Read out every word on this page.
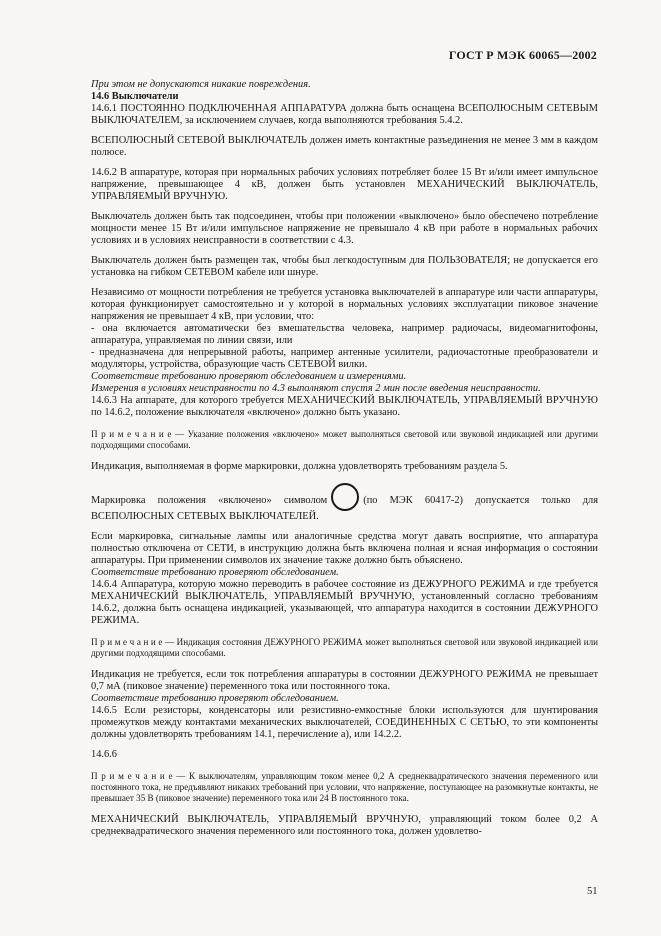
ГОСТ Р МЭК 60065—2002

При этом не допускаются никакие повреждения.

14.6 Выключатели

14.6.1 ПОСТОЯННО ПОДКЛЮЧЕННАЯ АППАРАТУРА должна быть оснащена ВСЕПОЛЮСНЫМ СЕТЕВЫМ ВЫКЛЮЧАТЕЛЕМ, за исключением случаев, когда выполняются требования 5.4.2.

ВСЕПОЛЮСНЫЙ СЕТЕВОЙ ВЫКЛЮЧАТЕЛЬ должен иметь контактные разъединения не менее 3 мм в каждом полюсе.

14.6.2 В аппаратуре, которая при нормальных рабочих условиях потребляет более 15 Вт и/или имеет импульсное напряжение, превышающее 4 кВ, должен быть установлен МЕХАНИЧЕСКИЙ ВЫКЛЮЧАТЕЛЬ, УПРАВЛЯЕМЫЙ ВРУЧНУЮ.

Выключатель должен быть так подсоединен, чтобы при положении «выключено» было обеспечено потребление мощности менее 15 Вт и/или импульсное напряжение не превышало 4 кВ при работе в нормальных рабочих условиях и в условиях неисправности в соответствии с 4.3.

Выключатель должен быть размещен так, чтобы был легкодоступным для ПОЛЬЗОВАТЕЛЯ; не допускается его установка на гибком СЕТЕВОМ кабеле или шнуре.

Независимо от мощности потребления не требуется установка выключателей в аппаратуре или части аппаратуры, которая функционирует самостоятельно и у которой в нормальных условиях эксплуатации пиковое значение напряжения не превышает 4 кВ, при условии, что:

- она включается автоматически без вмешательства человека, например радиочасы, видеомагнитофоны, аппаратура, управляемая по линии связи, или

- предназначена для непрерывной работы, например антенные усилители, радиочастотные преобразователи и модуляторы, устройства, образующие часть СЕТЕВОЙ вилки.

Соответствие требованию проверяют обследованием и измерениями.

Измерения в условиях неисправности по 4.3 выполняют спустя 2 мин после введения неисправности.

14.6.3 На аппарате, для которого требуется МЕХАНИЧЕСКИЙ ВЫКЛЮЧАТЕЛЬ, УПРАВЛЯЕМЫЙ ВРУЧНУЮ по 14.6.2, положение выключателя «включено» должно быть указано.

П р и м е ч а н и е — Указание положения «включено» может выполняться световой или звуковой индикацией или другими подходящими способами.

Индикация, выполняемая в форме маркировки, должна удовлетворять требованиям раздела 5.

Маркировка положения «включено» символом	(по МЭК 60417-2) допускается только для ВСЕПОЛЮСНЫХ СЕТЕВЫХ ВЫКЛЮЧАТЕЛЕЙ.

Если маркировка, сигнальные лампы или аналогичные средства могут давать восприятие, что аппаратура полностью отключена от СЕТИ, в инструкцию должна быть включена полная и ясная информация о состоянии аппаратуры. При применении символов их значение также должно быть объяснено.

Соответствие требованию проверяют обследованием.

14.6.4 Аппаратура, которую можно переводить в рабочее состояние из ДЕЖУРНОГО РЕЖИМА и где требуется МЕХАНИЧЕСКИЙ ВЫКЛЮЧАТЕЛЬ, УПРАВЛЯЕМЫЙ ВРУЧНУЮ, установленный согласно требованиям 14.6.2, должна быть оснащена индикацией, указывающей, что аппаратура находится в состоянии ДЕЖУРНОГО РЕЖИМА.

П р и м е ч а н и е — Индикация состояния ДЕЖУРНОГО РЕЖИМА может выполняться световой или звуковой индикацией или другими подходящими способами.

Индикация не требуется, если ток потребления аппаратуры в состоянии ДЕЖУРНОГО РЕЖИМА не превышает 0,7 мА (пиковое значение) переменного тока или постоянного тока.

Соответствие требованию проверяют обследованием.

14.6.5 Если резисторы, конденсаторы или резистивно-емкостные блоки используются для шунтирования промежутков между контактами механических выключателей, СОЕДИНЕННЫХ С СЕТЬЮ, то эти компоненты должны удовлетворять требованиям 14.1, перечисление а), или 14.2.2.

14.6.6

П р и м е ч а н и е — К выключателям, управляющим током менее 0,2 А среднеквадратического значения переменного или постоянного тока, не предъявляют никаких требований при условии, что напряжение, поступающее на разомкнутые контакты, не превышает 35 В (пиковое значение) переменного тока или 24 В постоянного тока.

МЕХАНИЧЕСКИЙ ВЫКЛЮЧАТЕЛЬ, УПРАВЛЯЕМЫЙ ВРУЧНУЮ, управляющий током более 0,2 А среднеквадратического значения переменного или постоянного тока, должен удовлетво-

51
